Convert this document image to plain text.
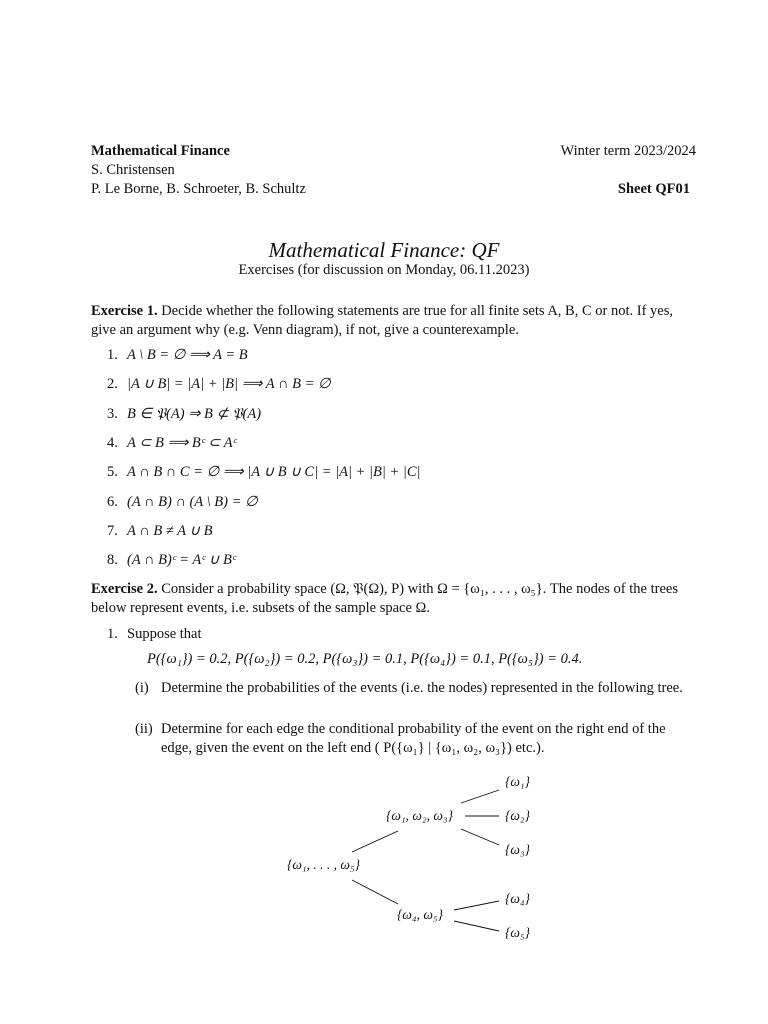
Mathematical Finance
S. Christensen
P. Le Borne, B. Schroeter, B. Schultz
Winter term 2023/2024
Sheet QF01
Mathematical Finance: QF
Exercises (for discussion on Monday, 06.11.2023)
Exercise 1. Decide whether the following statements are true for all finite sets A, B, C or not. If yes, give an argument why (e.g. Venn diagram), if not, give a counterexample.
1. A \ B = ∅ ⟹ A = B
2. |A ∪ B| = |A| + |B| ⟹ A ∩ B = ∅
3. B ∈ 𝔓(A) ⇒ B ⊄ 𝔓(A)
4. A ⊂ B ⟹ Bᶜ ⊂ Aᶜ
5. A ∩ B ∩ C = ∅ ⟹ |A ∪ B ∪ C| = |A| + |B| + |C|
6. (A ∩ B) ∩ (A \ B) = ∅
7. A ∩ B ≠ A ∪ B
8. (A ∩ B)ᶜ = Aᶜ ∪ Bᶜ
Exercise 2. Consider a probability space (Ω, 𝔓(Ω), P) with Ω = {ω₁, . . . , ω₅}. The nodes of the trees below represent events, i.e. subsets of the sample space Ω.
1. Suppose that
P({ω₁}) = 0.2, P({ω₂}) = 0.2, P({ω₃}) = 0.1, P({ω₄}) = 0.1, P({ω₅}) = 0.4.
(i) Determine the probabilities of the events (i.e. the nodes) represented in the following tree.
(ii) Determine for each edge the conditional probability of the event on the right end of the edge, given the event on the left end ( P({ω₁} | {ω₁, ω₂, ω₃}) etc.).
{ω₁, . . . , ω₅}
{ω₁, ω₂, ω₃}
{ω₄, ω₅}
{ω₁}
{ω₂}
{ω₃}
{ω₄}
{ω₅}
